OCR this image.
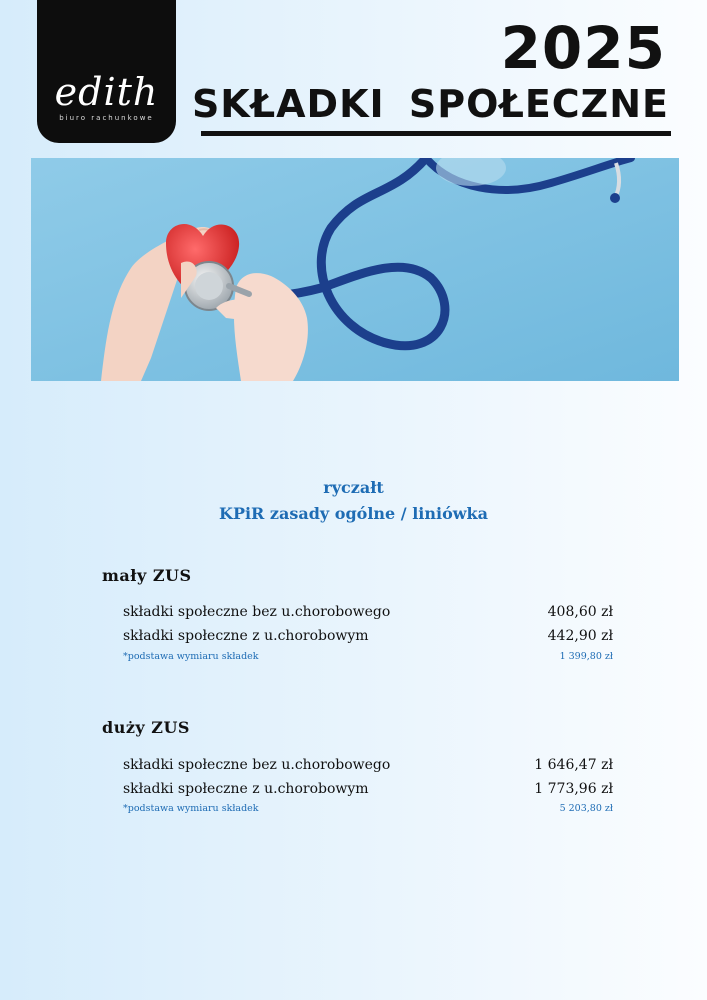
edith
biuro rachunkowe
2025
SKŁADKI SPOŁECZNE
ryczałt
KPiR zasady ogólne / liniówka
mały ZUS
składki społeczne bez u.chorobowego	408,60 zł
składki społeczne z u.chorobowym	442,90 zł
*podstawa wymiaru składek	1 399,80 zł
duży ZUS
składki społeczne bez u.chorobowego	1 646,47 zł
składki społeczne z u.chorobowym	1 773,96 zł
*podstawa wymiaru składek	5 203,80 zł
